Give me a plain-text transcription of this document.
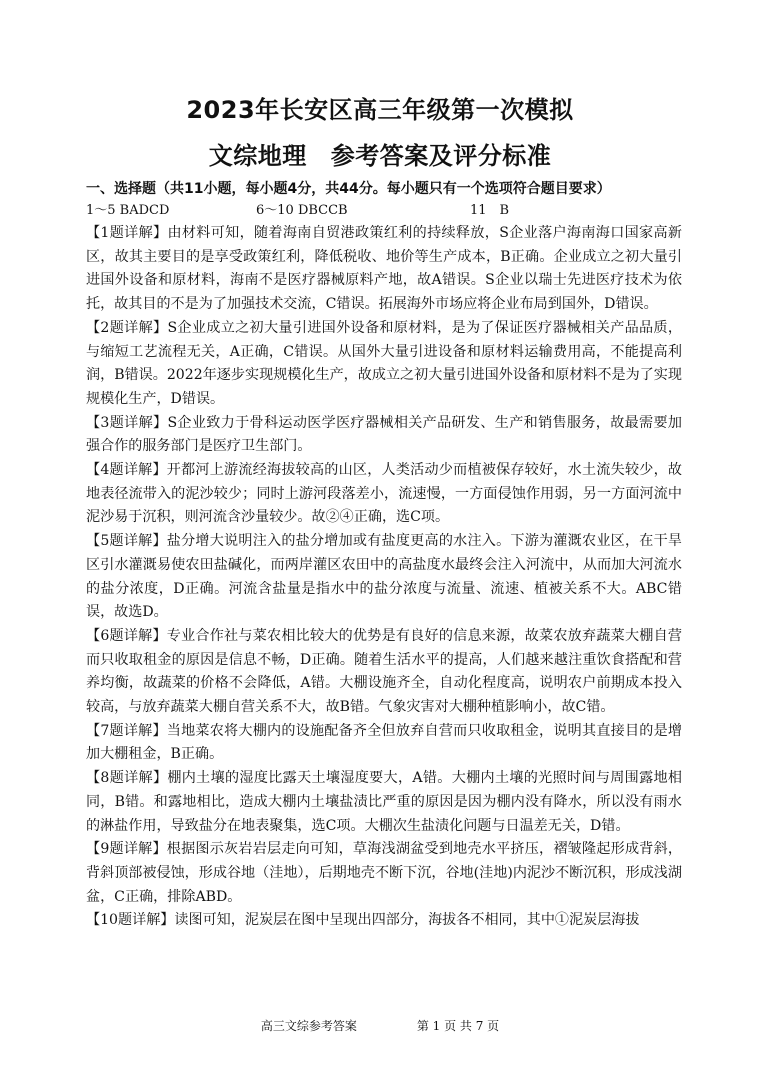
2023年长安区高三年级第一次模拟
文综地理 参考答案及评分标准
一、选择题（共11小题，每小题4分，共44分。每小题只有一个选项符合题目要求）
1～5 BADCD	6～10 DBCCB	11　B

【1题详解】由材料可知，随着海南自贸港政策红利的持续释放，S企业落户海南海口国家高新区，故其主要目的是享受政策红利，降低税收、地价等生产成本，B正确。企业成立之初大量引进国外设备和原材料，海南不是医疗器械原料产地，故A错误。S企业以瑞士先进医疗技术为依托，故其目的不是为了加强技术交流，C错误。拓展海外市场应将企业布局到国外，D错误。

【2题详解】S企业成立之初大量引进国外设备和原材料，是为了保证医疗器械相关产品品质，与缩短工艺流程无关，A正确，C错误。从国外大量引进设备和原材料运输费用高，不能提高利润，B错误。2022年逐步实现规模化生产，故成立之初大量引进国外设备和原材料不是为了实现规模化生产，D错误。

【3题详解】S企业致力于骨科运动医学医疗器械相关产品研发、生产和销售服务，故最需要加强合作的服务部门是医疗卫生部门。

【4题详解】开都河上游流经海拔较高的山区，人类活动少而植被保存较好，水土流失较少，故地表径流带入的泥沙较少；同时上游河段落差小，流速慢，一方面侵蚀作用弱，另一方面河流中泥沙易于沉积，则河流含沙量较少。故②④正确，选C项。

【5题详解】盐分增大说明注入的盐分增加或有盐度更高的水注入。下游为灌溉农业区，在干旱区引水灌溉易使农田盐碱化，而两岸灌区农田中的高盐度水最终会注入河流中，从而加大河流水的盐分浓度，D正确。河流含盐量是指水中的盐分浓度与流量、流速、植被关系不大。ABC错误，故选D。

【6题详解】专业合作社与菜农相比较大的优势是有良好的信息来源，故菜农放弃蔬菜大棚自营而只收取租金的原因是信息不畅，D正确。随着生活水平的提高，人们越来越注重饮食搭配和营养均衡，故蔬菜的价格不会降低，A错。大棚设施齐全，自动化程度高，说明农户前期成本投入较高，与放弃蔬菜大棚自营关系不大，故B错。气象灾害对大棚种植影响小，故C错。

【7题详解】当地菜农将大棚内的设施配备齐全但放弃自营而只收取租金，说明其直接目的是增加大棚租金，B正确。

【8题详解】棚内土壤的湿度比露天土壤湿度要大，A错。大棚内土壤的光照时间与周围露地相同，B错。和露地相比，造成大棚内土壤盐渍比严重的原因是因为棚内没有降水，所以没有雨水的淋盐作用，导致盐分在地表聚集，选C项。大棚次生盐渍化问题与日温差无关，D错。

【9题详解】根据图示灰岩岩层走向可知，草海浅湖盆受到地壳水平挤压，褶皱隆起形成背斜，背斜顶部被侵蚀，形成谷地（洼地），后期地壳不断下沉，谷地(洼地)内泥沙不断沉积，形成浅湖盆，C正确，排除ABD。

【10题详解】读图可知，泥炭层在图中呈现出四部分，海拔各不相同，其中①泥炭层海拔

高三文综参考答案	第 1 页 共 7 页
